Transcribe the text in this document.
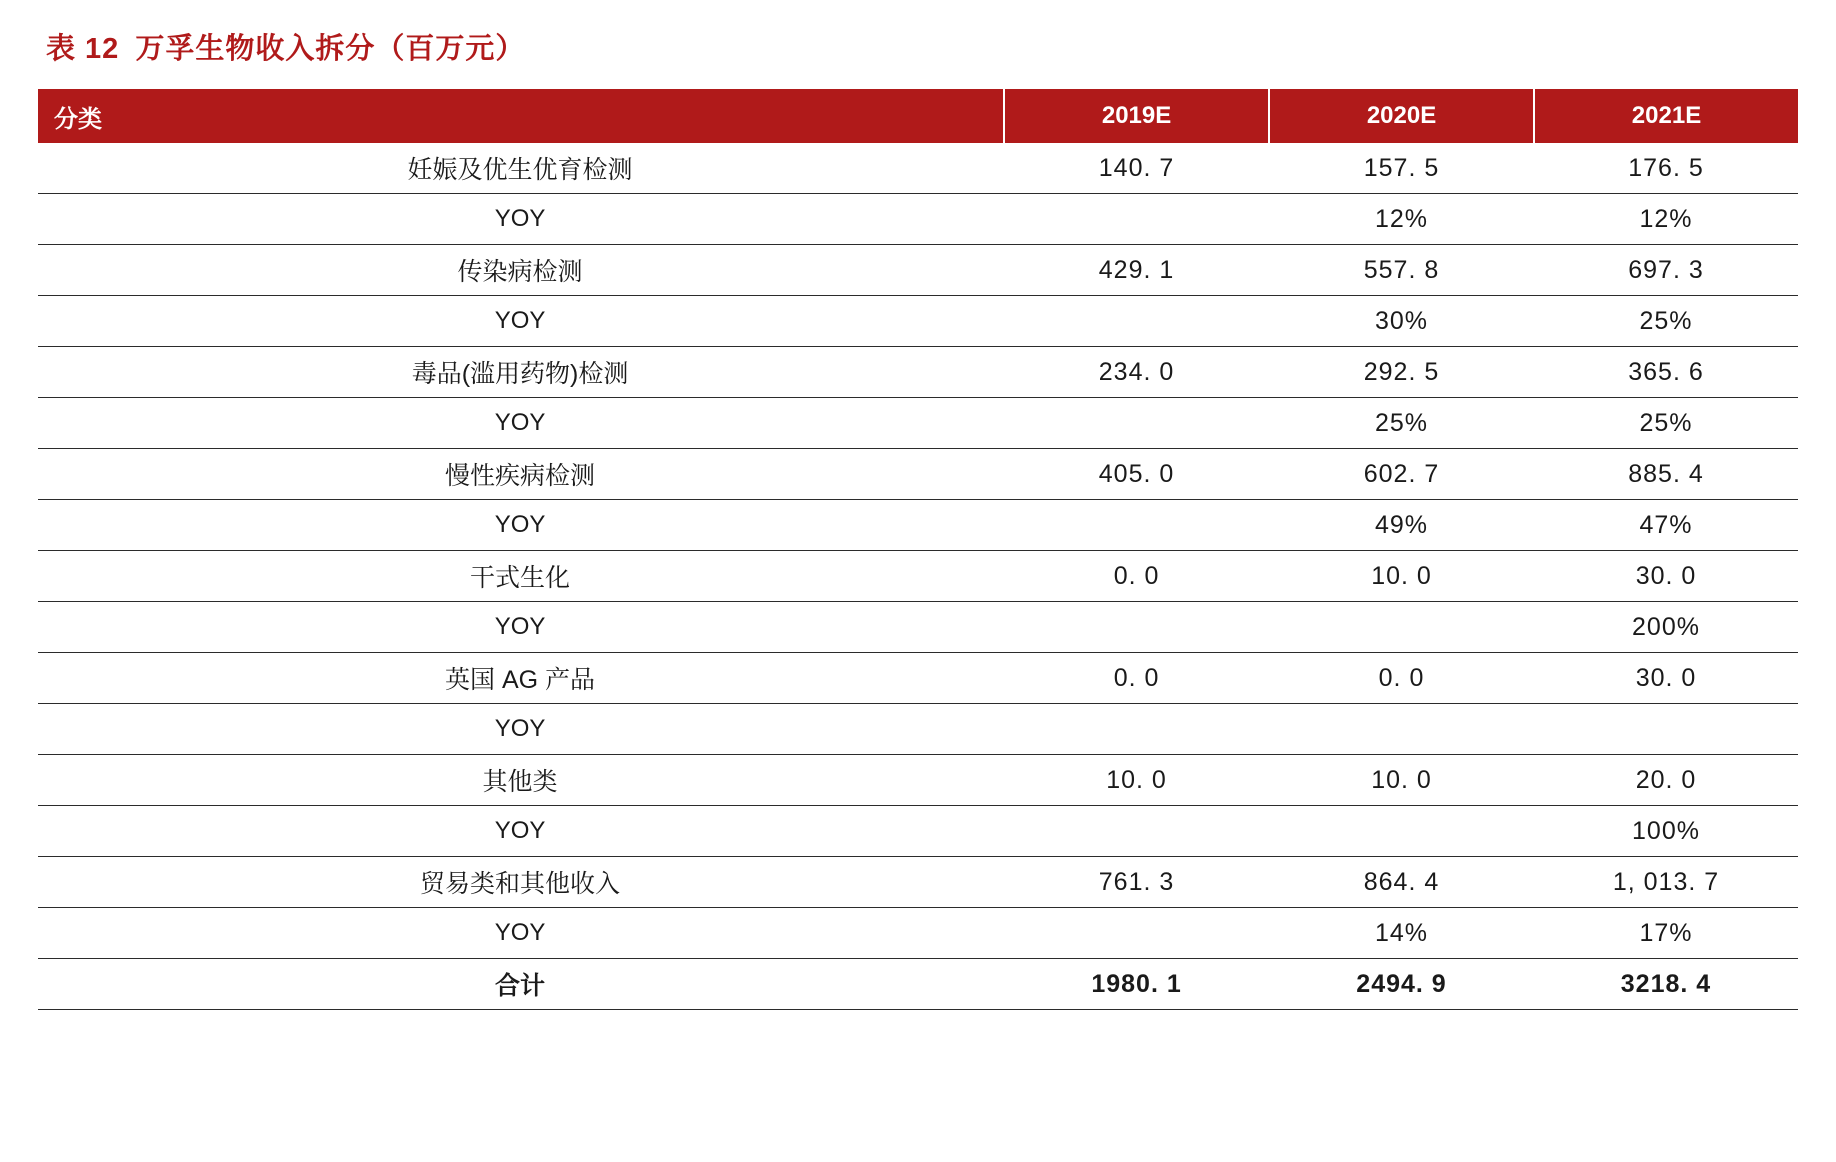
表 12 万孚生物收入拆分（百万元）
分类	2019E	2020E	2021E
妊娠及优生优育检测	140. 7	157. 5	176. 5
YOY		12%	12%
传染病检测	429. 1	557. 8	697. 3
YOY		30%	25%
毒品(滥用药物)检测	234. 0	292. 5	365. 6
YOY		25%	25%
慢性疾病检测	405. 0	602. 7	885. 4
YOY		49%	47%
干式生化	0. 0	10. 0	30. 0
YOY			200%
英国 AG 产品	0. 0	0. 0	30. 0
YOY			
其他类	10. 0	10. 0	20. 0
YOY			100%
贸易类和其他收入	761. 3	864. 4	1, 013. 7
YOY		14%	17%
合计	1980. 1	2494. 9	3218. 4
